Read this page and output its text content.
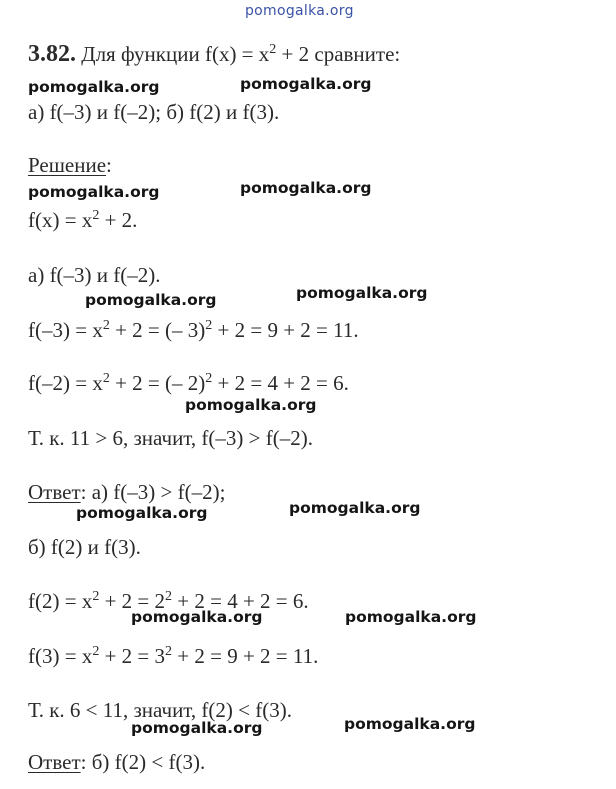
pomogalka.org
3.82. Для функции $f(x) = x^2 + 2$ сравните:
pomogalka.org	pomogalka.org
а) f(–3) и f(–2); б) f(2) и f(3).
Решение:
pomogalka.org	pomogalka.org
$f(x) = x^2 + 2$.
а) f(–3) и f(–2).
pomogalka.org	pomogalka.org
$f(-3) = x^2 + 2$ = (– 3)$^2$ + 2 = 9 + 2 = 11.
$f(-2) = x^2 + 2$ = (– 2)$^2$ + 2 = 4 + 2 = 6.
pomogalka.org
Т. к. 11 > 6, значит, f(–3) > f(–2).
Ответ: а) f(–3) > f(–2);
pomogalka.org	pomogalka.org
б) f(2) и f(3).
$f(2) = x^2 + 2 = 2^2 + 2 = 4 + 2 = 6$.
pomogalka.org	pomogalka.org
$f(3) = x^2 + 2 = 3^2 + 2 = 9 + 2 = 11$.
Т. к. 6 < 11, значит, f(2) < f(3).
pomogalka.org
pomogalka.org
Ответ: б) f(2) < f(3).
